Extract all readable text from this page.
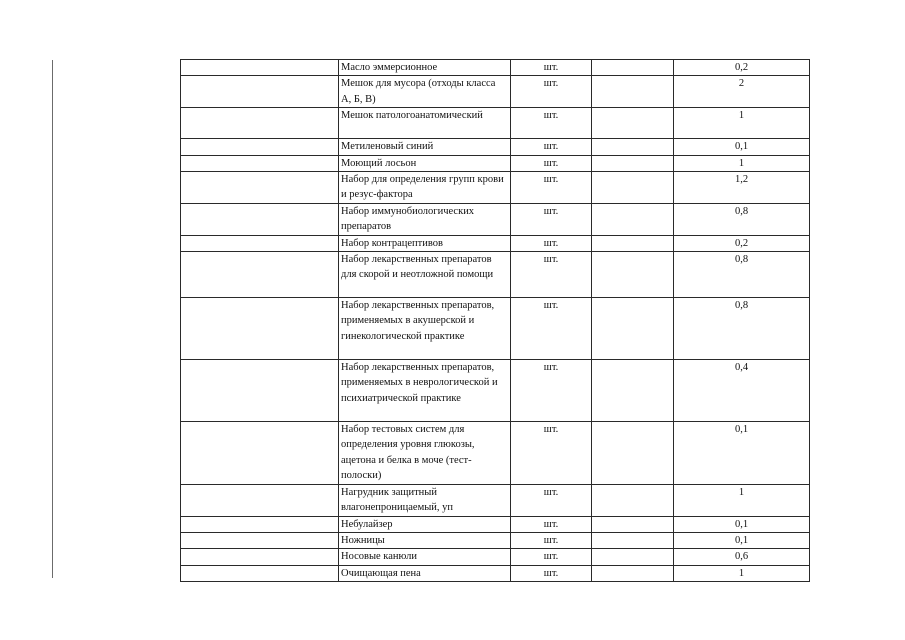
	Масло эммерсионное	шт.		0,2
	Мешок для мусора (отходы класса А, Б, В)	шт.		2
	Мешок патологоанатомический	шт.		1
	Метиленовый синий	шт.		0,1
	Моющий лосьон	шт.		1
	Набор для определения групп крови и резус-фактора	шт.		1,2
	Набор иммунобиологических препаратов	шт.		0,8
	Набор контрацептивов	шт.		0,2
	Набор лекарственных препаратов для скорой и неотложной помощи	шт.		0,8
	Набор лекарственных препаратов, применяемых в акушерской и гинекологической практике	шт.		0,8
	Набор лекарственных препаратов, применяемых в неврологической и психиатрической практике	шт.		0,4
	Набор тестовых систем для определения уровня глюкозы, ацетона и белка в моче (тест-полоски)	шт.		0,1
	Нагрудник защитный влагонепроницаемый, уп	шт.		1
	Небулайзер	шт.		0,1
	Ножницы	шт.		0,1
	Носовые канюли	шт.		0,6
	Очищающая пена	шт.		1
